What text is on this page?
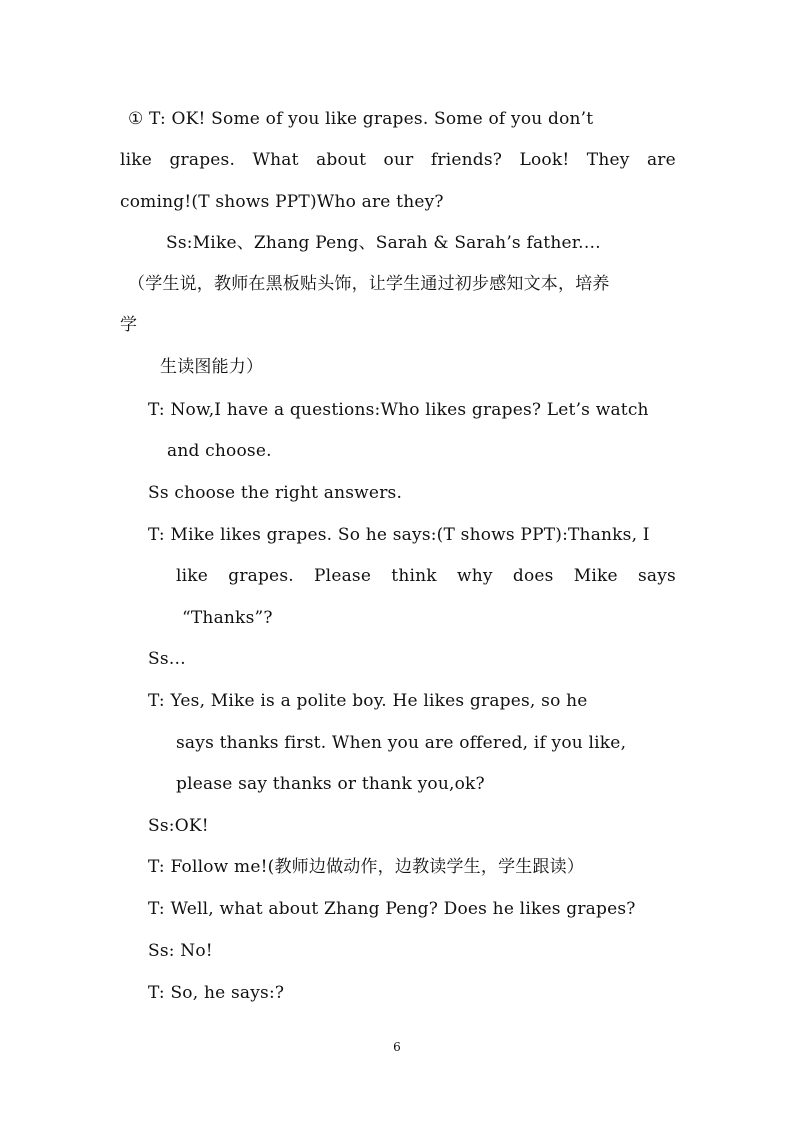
① T: OK! Some of you like grapes. Some of you don’t
like grapes. What about our friends? Look! They are
coming!(T shows PPT)Who are they?
Ss:Mike、Zhang Peng、Sarah & Sarah’s father.…
（学生说，教师在黑板贴头饰，让学生通过初步感知文本，培养
学
生读图能力）
T: Now,I have a questions:Who likes grapes? Let’s watch
and choose.
Ss choose the right answers.
T: Mike likes grapes. So he says:(T shows PPT):Thanks, I
like grapes. Please think why does Mike says
“Thanks”?
Ss…
T: Yes, Mike is a polite boy. He likes grapes, so he
says thanks first. When you are offered, if you like,
please say thanks or thank you,ok?
Ss:OK!
T: Follow me!(教师边做动作，边教读学生，学生跟读）
T: Well, what about Zhang Peng? Does he likes grapes?
Ss: No!
T: So, he says:?
6
